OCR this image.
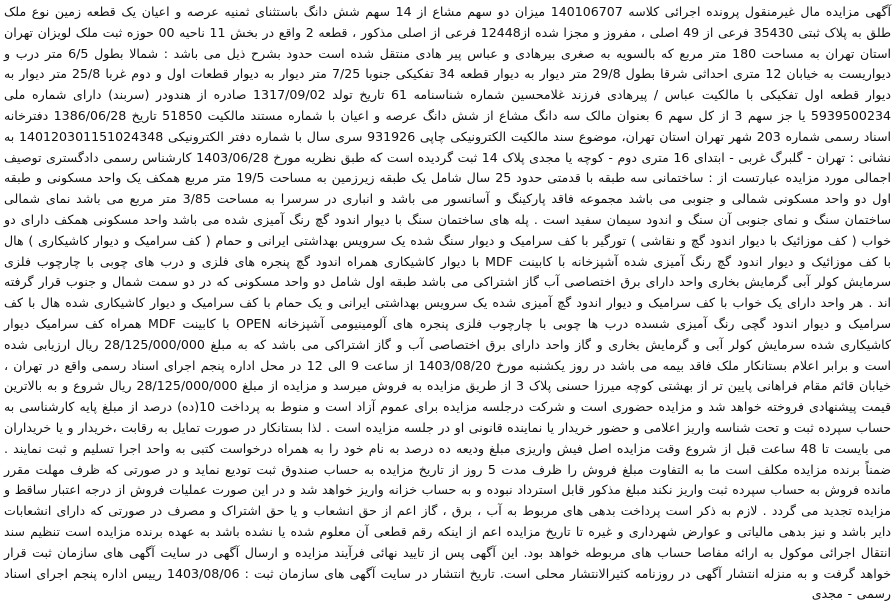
آگهی مزایده مال غیرمنقول پرونده اجرائی کلاسه 140106707 میزان دو سهم مشاع از 14 سهم شش دانگ باستثنای ثمنیه عرصه و اعیان یک قطعه زمین نوع ملک طلق به پلاک ثبتی 35430 فرعی از 49 اصلی ، مفروز و مجزا شده از12448 فرعی از اصلی مذکور ، قطعه 2 واقع در بخش 11 ناحیه 00 حوزه ثبت ملک لویزان تهران استان تهران به مساحت 180 متر مربع که بالسویه به صغری بیرهادی و عباس پیر هادی منتقل شده است حدود بشرح ذیل می باشد : شمالا بطول 6/5 متر درب و دیواریست به خیابان 12 متری احداثی شرقا بطول 29/8 متر دیوار به دیوار قطعه 34 تفکیکی جنوبا 7/25 متر دیوار به دیوار قطعات اول و دوم غربا 25/8 متر دیوار به دیوار قطعه اول تفکیکی با مالکیت عباس / پیرهادی فرزند غلامحسین شماره شناسنامه 61 تاریخ تولد 1317/09/02 صادره از هندودر (سربند) دارای شماره ملی 5939500234 یا جز سهم 3 از کل سهم 6 بعنوان مالک سه دانگ مشاع از شش دانگ عرصه و اعیان با شماره مستند مالکیت 51850 تاریخ 1386/06/28 دفترخانه اسناد رسمی شماره 203 شهر تهران استان تهران، موضوع سند مالکیت الکترونیکی چاپی 931926 سری سال با شماره دفتر الکترونیکی 140120301151024348 به نشانی : تهران - گلبرگ غربی - ابتدای 16 متری دوم - کوچه یا مجدی پلاک 14 ثبت گردیده است که طبق نظریه مورخ 1403/06/28 کارشناس رسمی دادگستری توصیف اجمالی مورد مزایده عبارتست از : ساختمانی سه طبقه با قدمتی حدود 25 سال شامل یک طبقه زیرزمین به مساحت 19/5 متر مربع همکف یک واحد مسکونی و طبقه اول دو واحد مسکونی شمالی و جنوبی می باشد مجموعه فاقد پارکینگ و آسانسور می باشد و انباری در سرسرا به مساحت 3/85 متر مربع می باشد نمای شمالی ساختمان سنگ و نمای جنوبی آن سنگ و اندود سیمان سفید است . پله های ساختمان سنگ با دیوار اندود گچ رنگ آمیزی شده می باشد واحد مسکونی همکف دارای دو خواب ( کف موزائیک با دیوار اندود گچ و نقاشی ) تورگیر با کف سرامیک و دیوار سنگ شده یک سرویس بهداشتی ایرانی و حمام ( کف سرامیک و دیوار کاشیکاری ) هال با کف موزائیک و دیوار اندود گچ رنگ آمیزی شده آشپزخانه با کابینت MDF با دیوار کاشیکاری همراه اندود گچ پنجره های فلزی و درب های چوبی با چارچوب فلزی سرمایش کولر آبی گرمایش بخاری واحد دارای برق اختصاصی آب گاز اشتراکی می باشد طبقه اول شامل دو واحد مسکونی که در دو سمت شمال و جنوب قرار گرفته اند . هر واحد دارای یک خواب با کف سرامیک و دیوار اندود گچ آمیزی شده یک سرویس بهداشتی ایرانی و یک حمام با کف سرامیک و دیوار کاشیکاری شده هال با کف سرامیک و دیوار اندود گچی رنگ آمیزی شسده درب ها چوبی با چارچوب فلزی پنجره های آلومینیومی آشپزخانه OPEN با کابینت MDF همراه کف سرامیک دیوار کاشیکاری شده سرمایش کولر آبی و گرمایش بخاری و گاز واحد دارای برق اختصاصی آب و گاز اشتراکی می باشد که به مبلغ 28/125/000/000 ریال ارزیابی شده است و برابر اعلام بستانکار ملک فاقد بیمه می باشد در روز یکشنبه مورخ 1403/08/20 از ساعت 9 الی 12 در محل اداره پنجم اجرای اسناد رسمی واقع در تهران ، خیابان قائم مقام فراهانی پایین تر از بهشتی کوچه میرزا حسنی پلاک 3 از طریق مزایده به فروش میرسد و مزایده از مبلغ 28/125/000/000 ریال شروع و به بالاترین قیمت پیشنهادی فروخته خواهد شد و مزایده حضوری است و شرکت درجلسه مزایده برای عموم آزاد است و منوط به پرداخت 10(ده) درصد از مبلغ پایه کارشناسی به حساب سپرده ثبت و تحت شناسه واریز اعلامی و حضور خریدار یا نماینده قانونی او در جلسه مزایده است . لذا بستانکار در صورت تمایل به رقابت ،خریدار و یا خریداران می بایست تا 48 ساعت قبل از شروع وقت مزایده اصل فیش واریزی مبلغ ودیعه ده درصد به نام خود را به همراه درخواست کتبی به واحد اجرا تسلیم و ثبت نمایند . ضمناً برنده مزایده مکلف است ما به التفاوت مبلغ فروش را ظرف مدت 5 روز از تاریخ مزایده به حساب صندوق ثبت تودیع نماید و در صورتی که ظرف مهلت مقرر مانده فروش به حساب سپرده ثبت واریز نکند مبلغ مذکور قابل استرداد نبوده و به حساب خزانه واریز خواهد شد و در این صورت عملیات فروش از درجه اعتبار ساقط و مزایده تجدید می گردد . لازم به ذکر است پرداخت بدهی های مربوط به آب ، برق ، گاز اعم از حق انشعاب و یا حق اشتراک و مصرف در صورتی که دارای انشعابات دایر باشد و نیز بدهی مالیاتی و عوارض شهرداری و غیره تا تاریخ مزایده اعم از اینکه رقم قطعی آن معلوم شده یا نشده باشد به عهده برنده مزایده است تنظیم سند انتقال اجرائی موکول به ارائه مفاصا حساب های مربوطه خواهد بود. این آگهی پس از تایید نهائی فرآیند مزایده و ارسال آگهی در سایت آگهی های سازمان ثبت قرار خواهد گرفت و به منزله انتشار آگهی در روزنامه کثیرالانتشار محلی است. تاریخ انتشار در سایت آگهی های سازمان ثبت : 1403/08/06 رییس اداره پنجم اجرای اسناد رسمی - مجدی
